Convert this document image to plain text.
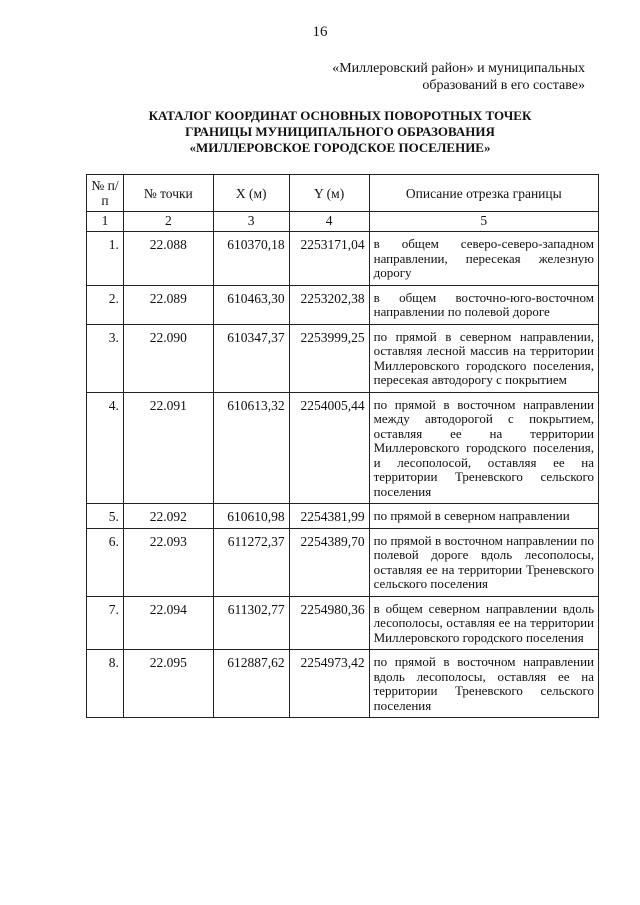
16
«Миллеровский район» и муниципальных
образований в его составе»
КАТАЛОГ КООРДИНАТ ОСНОВНЫХ ПОВОРОТНЫХ ТОЧЕК
ГРАНИЦЫ МУНИЦИПАЛЬНОГО ОБРАЗОВАНИЯ
«МИЛЛЕРОВСКОЕ ГОРОДСКОЕ ПОСЕЛЕНИЕ»
№ п/п	№ точки	X (м)	Y (м)	Описание отрезка границы
1	2	3	4	5
1.	22.088	610370,18	2253171,04	в общем северо-северо-западном направлении, пересекая железную дорогу
2.	22.089	610463,30	2253202,38	в общем восточно-юго-восточном направлении по полевой дороге
3.	22.090	610347,37	2253999,25	по прямой в северном направлении, оставляя лесной массив на территории Миллеровского городского поселения, пересекая автодорогу с покрытием
4.	22.091	610613,32	2254005,44	по прямой в восточном направлении между автодорогой с покрытием, оставляя ее на территории Миллеровского городского поселения, и лесополосой, оставляя ее на территории Треневского сельского поселения
5.	22.092	610610,98	2254381,99	по прямой в северном направлении
6.	22.093	611272,37	2254389,70	по прямой в восточном направлении по полевой дороге вдоль лесополосы, оставляя ее на территории Треневского сельского поселения
7.	22.094	611302,77	2254980,36	в общем северном направлении вдоль лесополосы, оставляя ее на территории Миллеровского городского поселения
8.	22.095	612887,62	2254973,42	по прямой в восточном направлении вдоль лесополосы, оставляя ее на территории Треневского сельского поселения
